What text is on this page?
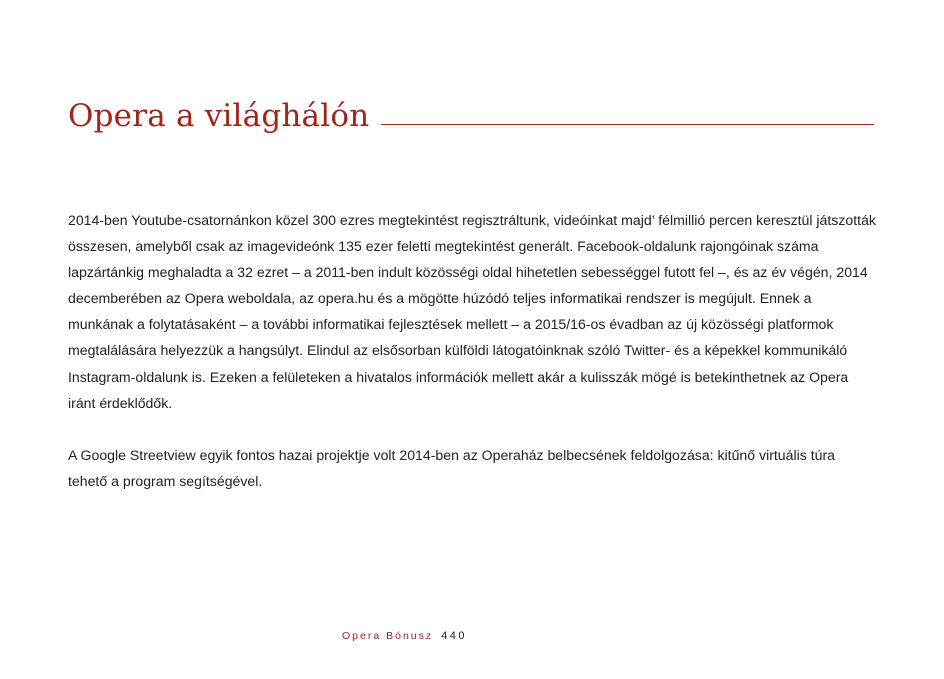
Opera a világhálón

2014-ben Youtube-csatornánkon közel 300 ezres megtekintést regisztráltunk, videóinkat majd’ félmillió percen keresztül játszották összesen, amelyből csak az imagevideónk 135 ezer feletti megtekintést generált. Facebook-oldalunk rajongóinak száma lapzártánkig meghaladta a 32 ezret – a 2011-ben indult közösségi oldal hihetetlen sebességgel futott fel –, és az év végén, 2014 decemberében az Opera weboldala, az opera.hu és a mögötte húzódó teljes informatikai rendszer is megújult. Ennek a munkának a folytatásaként – a további informatikai fejlesztések mellett – a 2015/16-os évadban az új közösségi platformok megtalálására helyezzük a hangsúlyt. Elindul az elsősorban külföldi látogatóinknak szóló Twitter- és a képekkel kommunikáló Instagram-oldalunk is. Ezeken a felületeken a hivatalos információk mellett akár a kulisszák mögé is betekinthetnek az Opera iránt érdeklődők.

A Google Streetview egyik fontos hazai projektje volt 2014-ben az Operaház belbecsének feldolgozása: kitűnő virtuális túra tehető a program segítségével.

Opera Bónusz 440
